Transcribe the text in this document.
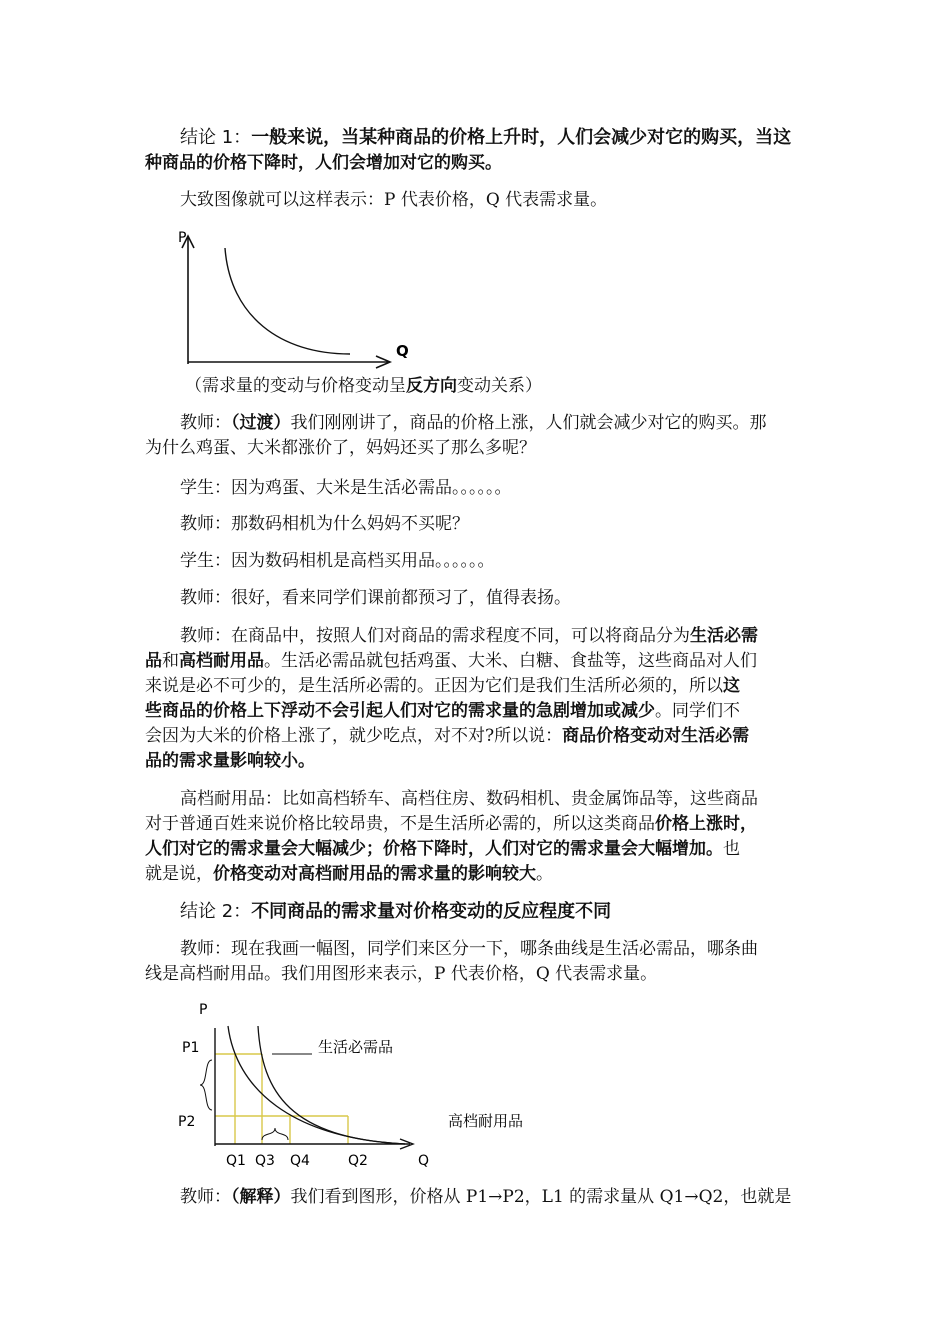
结论 1：一般来说，当某种商品的价格上升时，人们会减少对它的购买，当这
种商品的价格下降时，人们会增加对它的购买。
大致图像就可以这样表示：P 代表价格，Q 代表需求量。
P
Q
（需求量的变动与价格变动呈反方向变动关系）
教师：（过渡）我们刚刚讲了，商品的价格上涨，人们就会减少对它的购买。那
为什么鸡蛋、大米都涨价了，妈妈还买了那么多呢？
学生：因为鸡蛋、大米是生活必需品。。。。。。
教师：那数码相机为什么妈妈不买呢？
学生：因为数码相机是高档买用品。。。。。。
教师：很好，看来同学们课前都预习了，值得表扬。
教师：在商品中，按照人们对商品的需求程度不同，可以将商品分为生活必需
品和高档耐用品。生活必需品就包括鸡蛋、大米、白糖、食盐等，这些商品对人们
来说是必不可少的，是生活所必需的。正因为它们是我们生活所必须的，所以这
些商品的价格上下浮动不会引起人们对它的需求量的急剧增加或减少。同学们不
会因为大米的价格上涨了，就少吃点，对不对?所以说：商品价格变动对生活必需
品的需求量影响较小。
高档耐用品：比如高档轿车、高档住房、数码相机、贵金属饰品等，这些商品
对于普通百姓来说价格比较昂贵，不是生活所必需的，所以这类商品价格上涨时，
人们对它的需求量会大幅减少；价格下降时，人们对它的需求量会大幅增加。也
就是说，价格变动对高档耐用品的需求量的影响较大。
结论 2：不同商品的需求量对价格变动的反应程度不同
教师：现在我画一幅图，同学们来区分一下，哪条曲线是生活必需品，哪条曲
线是高档耐用品。我们用图形来表示，P 代表价格，Q 代表需求量。
P
P1
P2
Q1 Q3 Q4	Q2	Q
生活必需品
高档耐用品
教师：（解释）我们看到图形，价格从 P1→P2，L1 的需求量从 Q1→Q2，也就是
